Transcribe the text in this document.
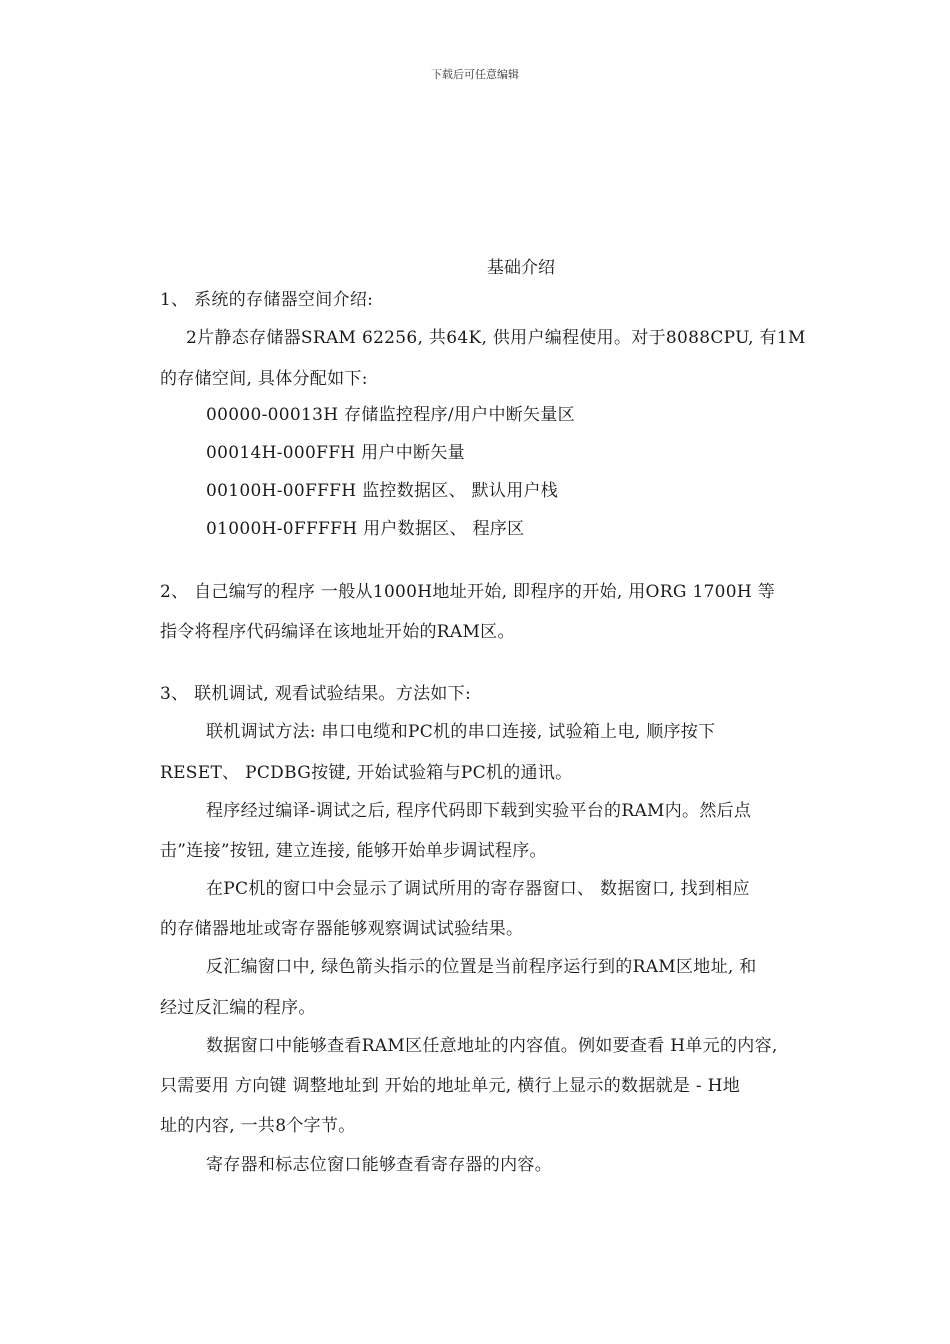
下载后可任意编辑
基础介绍
1、 系统的存储器空间介绍:
2片静态存储器SRAM 62256, 共64K, 供用户编程使用。对于8088CPU, 有1M
的存储空间, 具体分配如下:
00000-00013H 存储监控程序/用户中断矢量区
00014H-000FFH 用户中断矢量
00100H-00FFFH 监控数据区、 默认用户栈
01000H-0FFFFH 用户数据区、 程序区
2、 自己编写的程序 一般从1000H地址开始, 即程序的开始, 用ORG 1700H 等
指令将程序代码编译在该地址开始的RAM区。
3、 联机调试, 观看试验结果。方法如下:
联机调试方法: 串口电缆和PC机的串口连接, 试验箱上电, 顺序按下
RESET、 PCDBG按键, 开始试验箱与PC机的通讯。
程序经过编译-调试之后, 程序代码即下载到实验平台的RAM内。然后点
击”连接”按钮, 建立连接, 能够开始单步调试程序。
在PC机的窗口中会显示了调试所用的寄存器窗口、 数据窗口, 找到相应
的存储器地址或寄存器能够观察调试试验结果。
反汇编窗口中, 绿色箭头指示的位置是当前程序运行到的RAM区地址, 和
经过反汇编的程序。
数据窗口中能够查看RAM区任意地址的内容值。例如要查看 H单元的内容,
只需要用 方向键 调整地址到 开始的地址单元, 横行上显示的数据就是 - H地
址的内容, 一共8个字节。
寄存器和标志位窗口能够查看寄存器的内容。
